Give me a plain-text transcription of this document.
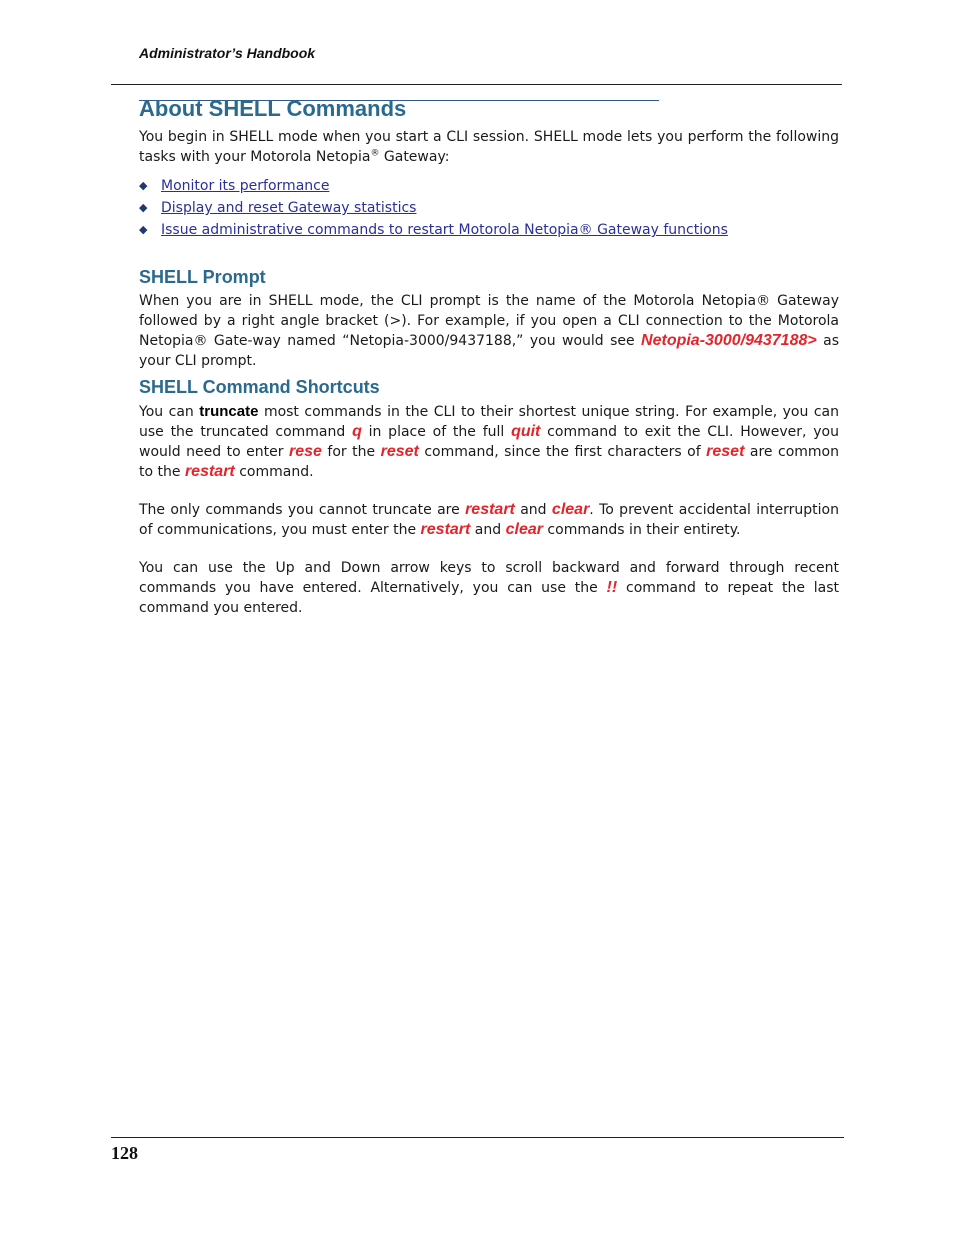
Administrator’s Handbook
About SHELL Commands

You begin in SHELL mode when you start a CLI session. SHELL mode lets you perform the following tasks with your Motorola Netopia® Gateway:

◆ Monitor its performance
◆ Display and reset Gateway statistics
◆ Issue administrative commands to restart Motorola Netopia® Gateway functions
SHELL Prompt

When you are in SHELL mode, the CLI prompt is the name of the Motorola Netopia® Gateway followed by a right angle bracket (>). For example, if you open a CLI connection to the Motorola Netopia® Gate-way named “Netopia-3000/9437188,” you would see Netopia-3000/9437188> as your CLI prompt.

SHELL Command Shortcuts

You can truncate most commands in the CLI to their shortest unique string. For example, you can use the truncated command q in place of the full quit command to exit the CLI. However, you would need to enter rese for the reset command, since the first characters of reset are common to the restart command.

The only commands you cannot truncate are restart and clear. To prevent accidental interruption of communications, you must enter the restart and clear commands in their entirety.

You can use the Up and Down arrow keys to scroll backward and forward through recent commands you have entered. Alternatively, you can use the !! command to repeat the last command you entered.

128
